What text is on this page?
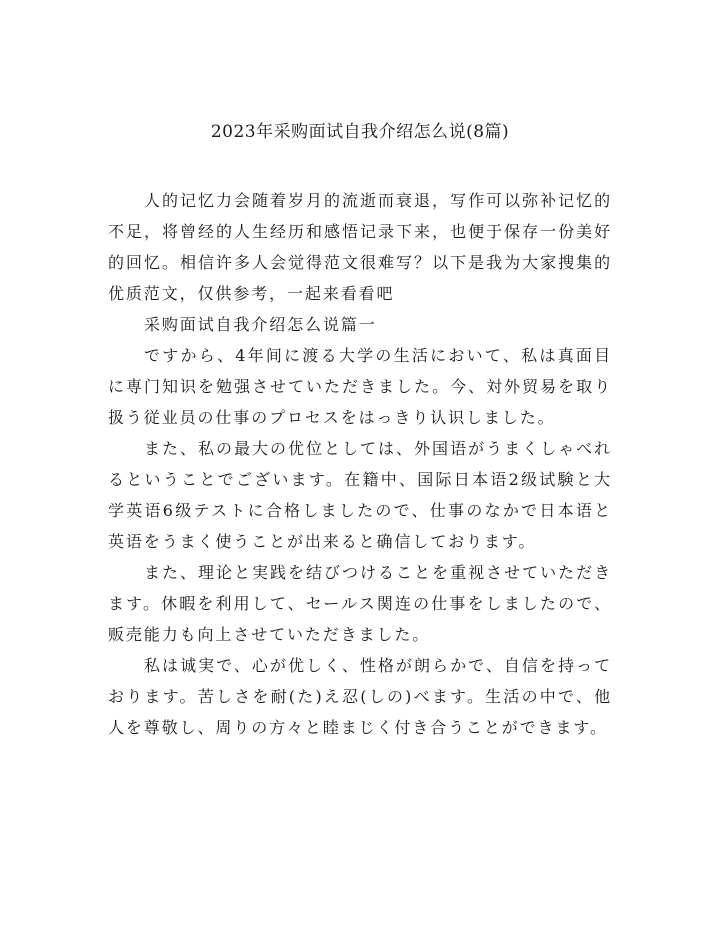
2023年采购面试自我介绍怎么说(8篇)

人的记忆力会随着岁月的流逝而衰退，写作可以弥补记忆的不足，将曾经的人生经历和感悟记录下来，也便于保存一份美好的回忆。相信许多人会觉得范文很难写？以下是我为大家搜集的优质范文，仅供参考，一起来看看吧

采购面试自我介绍怎么说篇一

ですから、4年间に渡る大学の生活において、私は真面目に専门知识を勉强させていただきました。今、対外贸易を取り扱う従业员の仕事のプロセスをはっきり认识しました。

また、私の最大の优位としては、外国语がうまくしゃべれるということでございます。在籍中、国际日本语2级试験と大学英语6级テストに合格しましたので、仕事のなかで日本语と英语をうまく使うことが出来ると确信しております。

また、理论と実践を结びつけることを重视させていただきます。休暇を利用して、セールス関连の仕事をしましたので、贩売能力も向上させていただきました。

私は诚実で、心が优しく、性格が朗らかで、自信を持っております。苦しさを耐(た)え忍(しの)べます。生活の中で、他人を尊敬し、周りの方々と睦まじく付き合うことができます。
